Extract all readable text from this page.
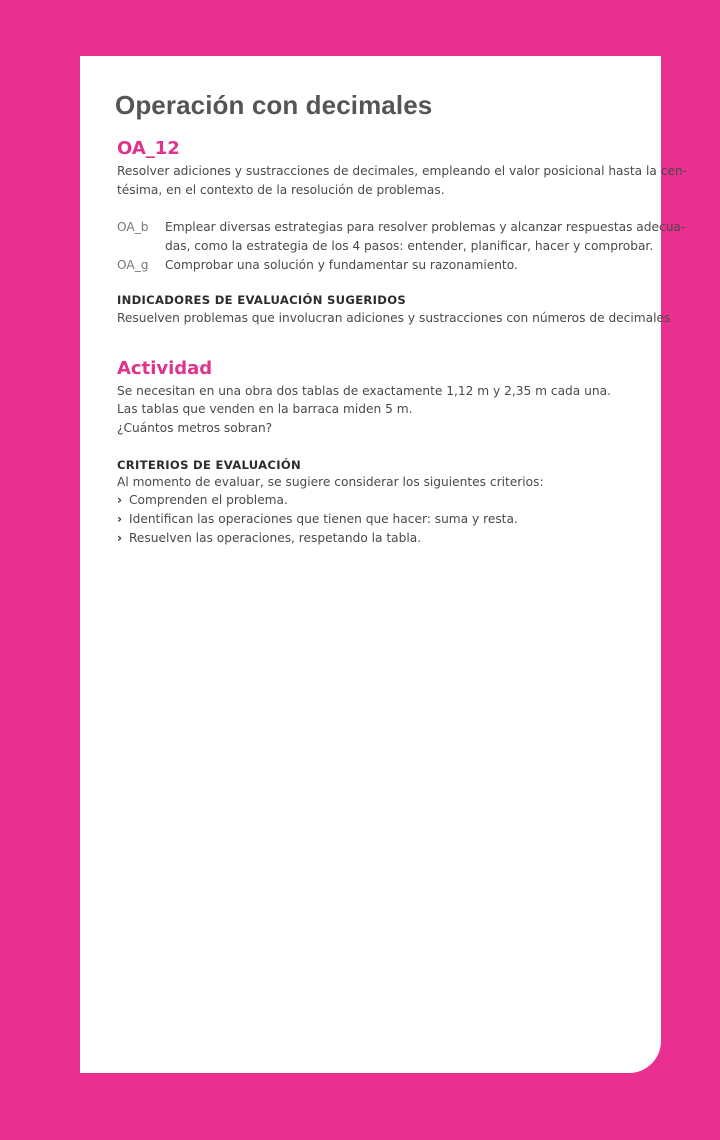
Operación con decimales
OA_12
Resolver adiciones y sustracciones de decimales, empleando el valor posicional hasta la cen-
tésima, en el contexto de la resolución de problemas.
OA_b Emplear diversas estrategias para resolver problemas y alcanzar respuestas adecua-
das, como la estrategia de los 4 pasos: entender, planificar, hacer y comprobar.
OA_g Comprobar una solución y fundamentar su razonamiento.
INDICADORES DE EVALUACIÓN SUGERIDOS
Resuelven problemas que involucran adiciones y sustracciones con números de decimales
Actividad
Se necesitan en una obra dos tablas de exactamente 1,12 m y 2,35 m cada una.
Las tablas que venden en la barraca miden 5 m.
¿Cuántos metros sobran?
CRITERIOS DE EVALUACIÓN
Al momento de evaluar, se sugiere considerar los siguientes criterios:
› Comprenden el problema.
› Identifican las operaciones que tienen que hacer: suma y resta.
› Resuelven las operaciones, respetando la tabla.
